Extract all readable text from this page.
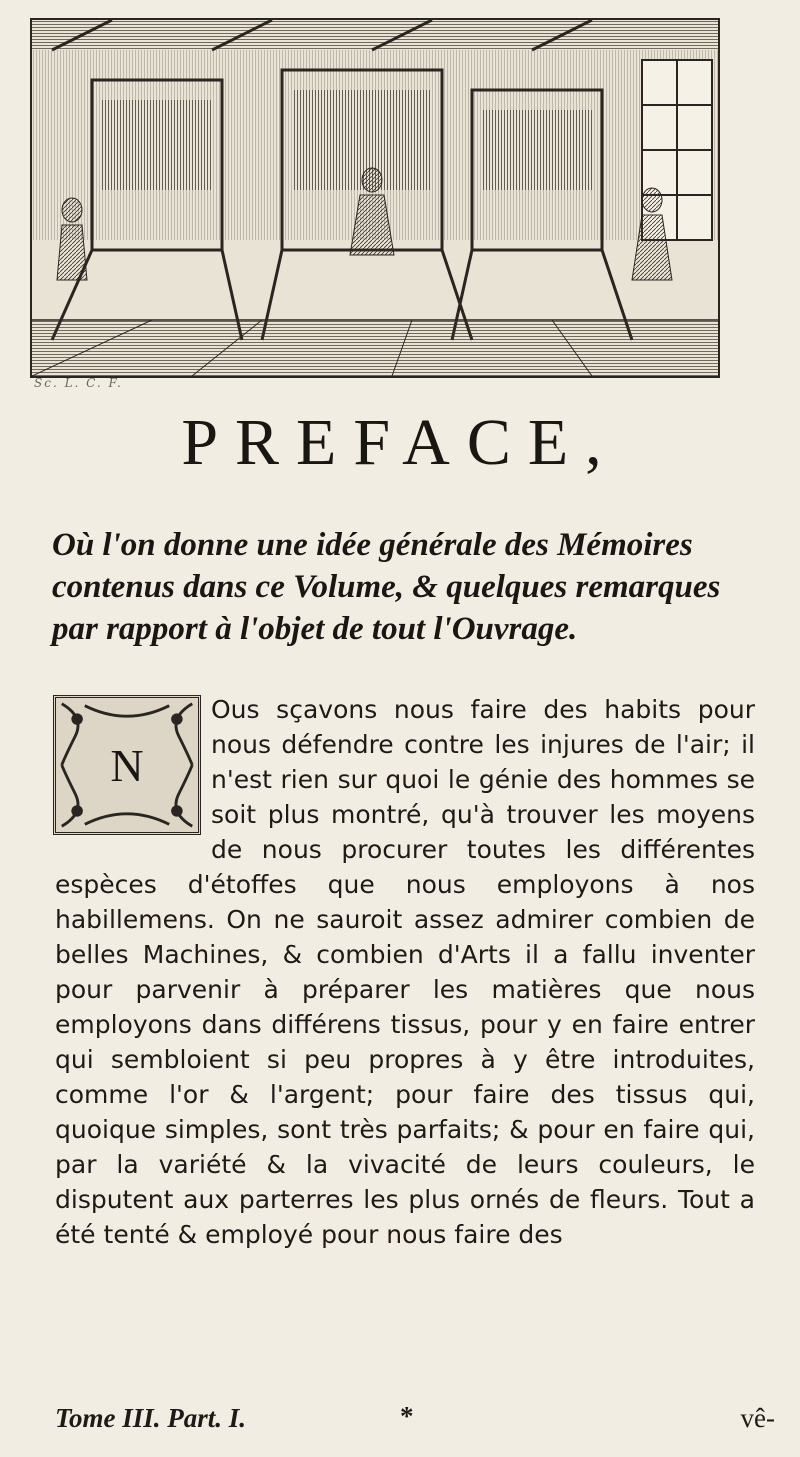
Sc. L. C. F.
PREFACE,

Où l'on donne une idée générale des Mémoires contenus dans ce Volume, & quelques remarques par rapport à l'objet de tout l'Ouvrage.

N
Ous sçavons nous faire des habits pour nous défendre contre les injures de l'air; il n'est rien sur quoi le génie des hommes se soit plus montré, qu'à trouver les moyens de nous procurer toutes les différentes espèces d'étoffes que nous employons à nos habillemens. On ne sauroit assez admirer combien de belles Machines, & combien d'Arts il a fallu inventer pour parvenir à préparer les matières que nous employons dans différens tissus, pour y en faire entrer qui sembloient si peu propres à y être introduites, comme l'or & l'argent; pour faire des tissus qui, quoique simples, sont très parfaits; & pour en faire qui, par la variété & la vivacité de leurs couleurs, le disputent aux parterres les plus ornés de fleurs. Tout a été tenté & employé pour nous faire des
Tome III. Part. I.	*	vê-
